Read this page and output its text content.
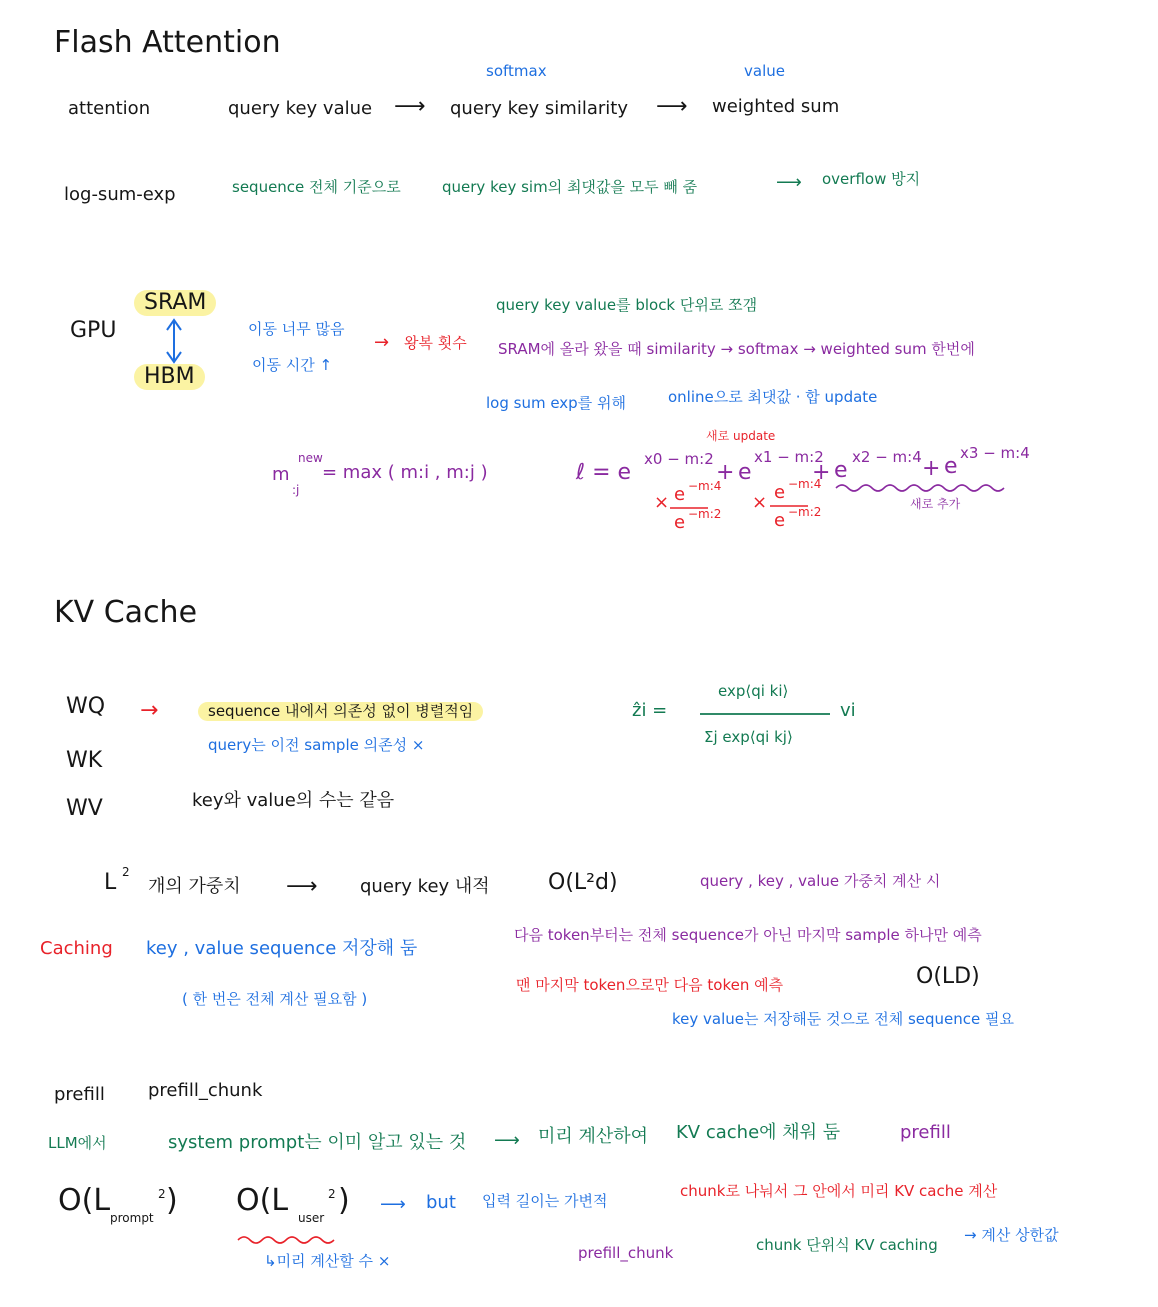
Flash Attention
attention	query key value ⟶
softmax
query key similarity ⟶
value
weighted sum
log-sum-exp	sequence 전체 기준으로	query key sim의 최댓값을 모두 빼 줌	⟶ overflow 방지
GPU
SRAM
HBM
이동 너무 많음
이동 시간 ↑
→ 왕복 횟수
query key value를 block 단위로 쪼갬
SRAM에 올라 왔을 때 similarity → softmax → weighted sum 한번에
log sum exp를 위해	online으로 최댓값 · 합 update
m
new
:j
= max ( m:i , m:j )	ℓ = e
x0 − m:2
+ e
x1 − m:2
+ e
x2 − m:4 + e
x3 − m:4
새로 update
× e −m:4
e −m:2
× e −m:4
e −m:2
새로 추가
KV Cache
WQ
WK
WV
→	sequence 내에서 의존성 없이 병렬적임
query는 이전 sample 의존성 ×
key와 value의 수는 같음
ẑi =
exp⟨qi ki⟩
Σj exp⟨qi kj⟩
vi
L 2
개의 가중치 ⟶ query key 내적	O(L²d)	query , key , value 가중치 계산 시
Caching key , value sequence 저장해 둠
( 한 번은 전체 계산 필요함 )
다음 token부터는 전체 sequence가 아닌 마지막 sample 하나만 예측
맨 마지막 token으로만 다음 token 예측	O(LD)
key value는 저장해둔 것으로 전체 sequence 필요
prefill prefill_chunk
LLM에서	system prompt는 이미 알고 있는 것 ⟶ 미리 계산하여 KV cache에 채워 둠	prefill
O(L prompt
2 ) O(L user
2 ) ⟶ but 입력 길이는 가변적
↳미리 계산할 수 ×
chunk로 나눠서 그 안에서 미리 KV cache 계산
prefill_chunk	chunk 단위식 KV caching
→ 계산 상한값
